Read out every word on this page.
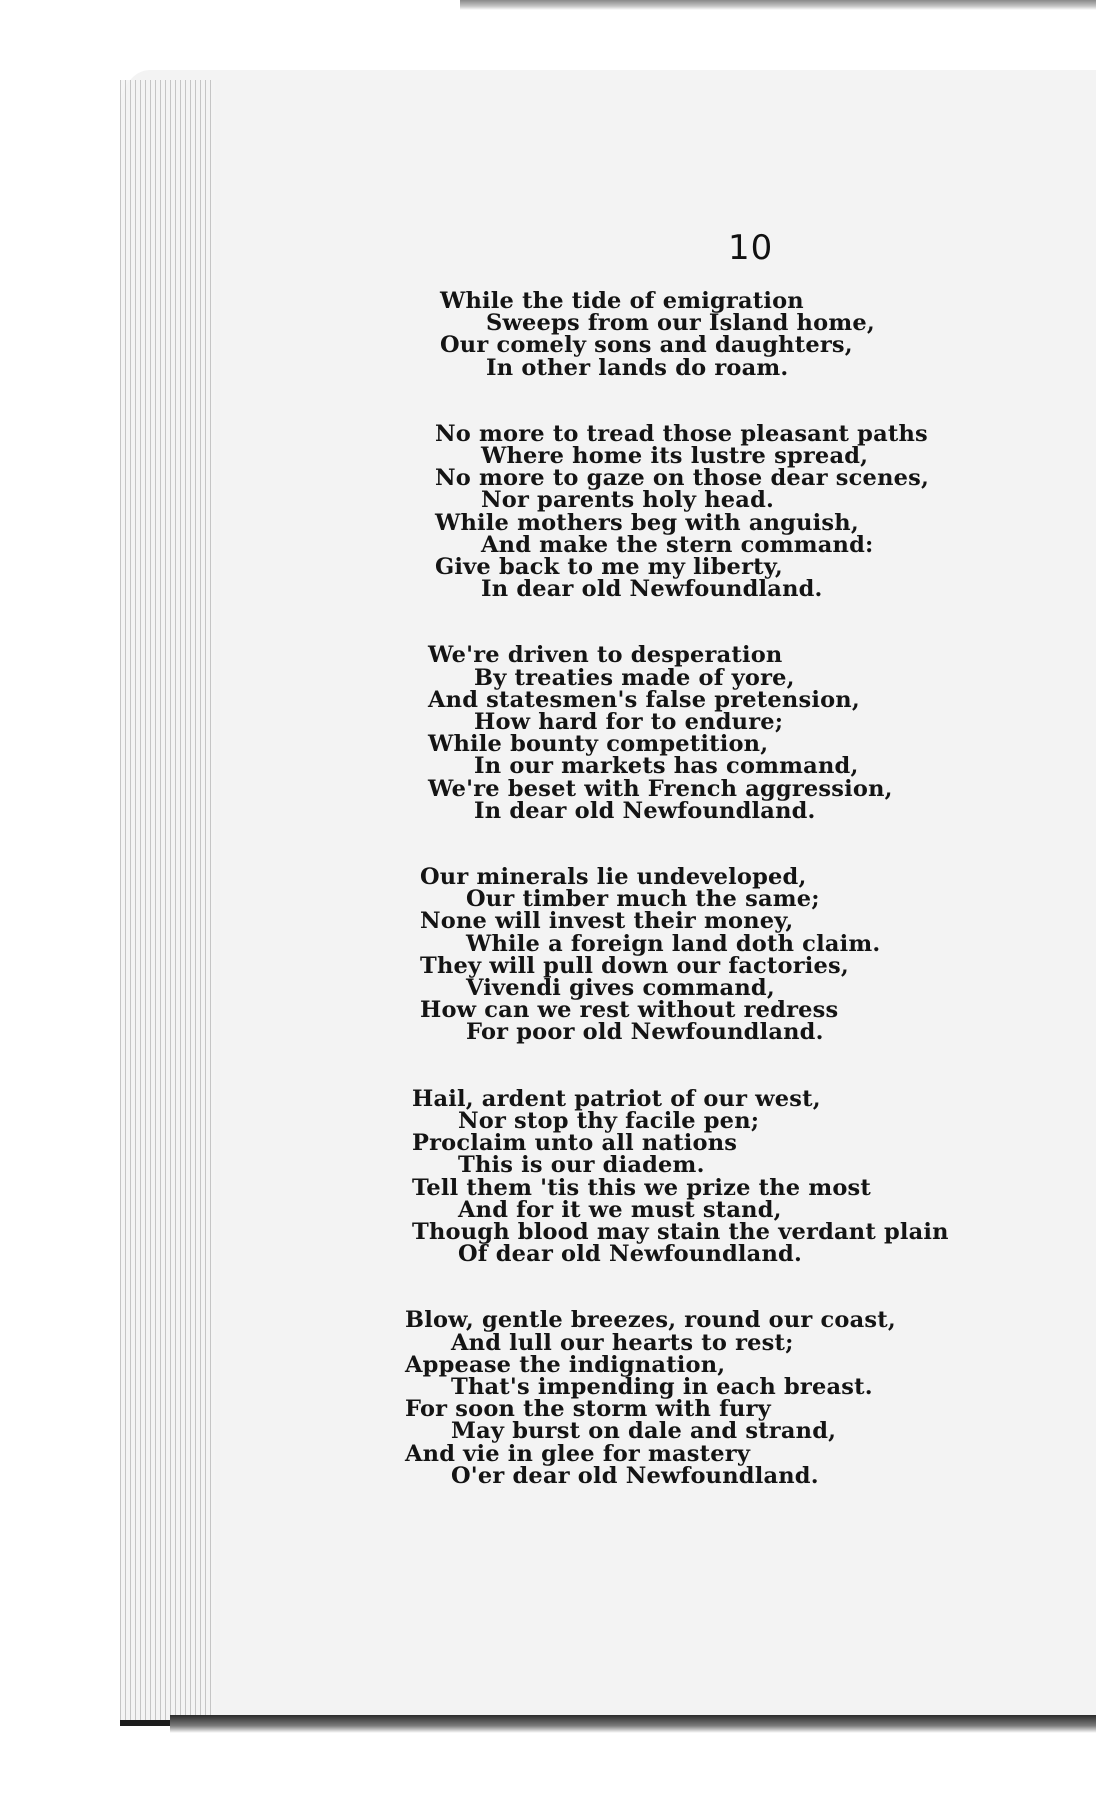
10
While the tide of emigration
Sweeps from our Island home,
Our comely sons and daughters,
In other lands do roam.
No more to tread those pleasant paths
Where home its lustre spread,
No more to gaze on those dear scenes,
Nor parents holy head.
While mothers beg with anguish,
And make the stern command:
Give back to me my liberty,
In dear old Newfoundland.
We're driven to desperation
By treaties made of yore,
And statesmen's false pretension,
How hard for to endure;
While bounty competition,
In our markets has command,
We're beset with French aggression,
In dear old Newfoundland.
Our minerals lie undeveloped,
Our timber much the same;
None will invest their money,
While a foreign land doth claim.
They will pull down our factories,
Vivendi gives command,
How can we rest without redress
For poor old Newfoundland.
Hail, ardent patriot of our west,
Nor stop thy facile pen;
Proclaim unto all nations
This is our diadem.
Tell them 'tis this we prize the most
And for it we must stand,
Though blood may stain the verdant plain
Of dear old Newfoundland.
Blow, gentle breezes, round our coast,
And lull our hearts to rest;
Appease the indignation,
That's impending in each breast.
For soon the storm with fury
May burst on dale and strand,
And vie in glee for mastery
O'er dear old Newfoundland.
